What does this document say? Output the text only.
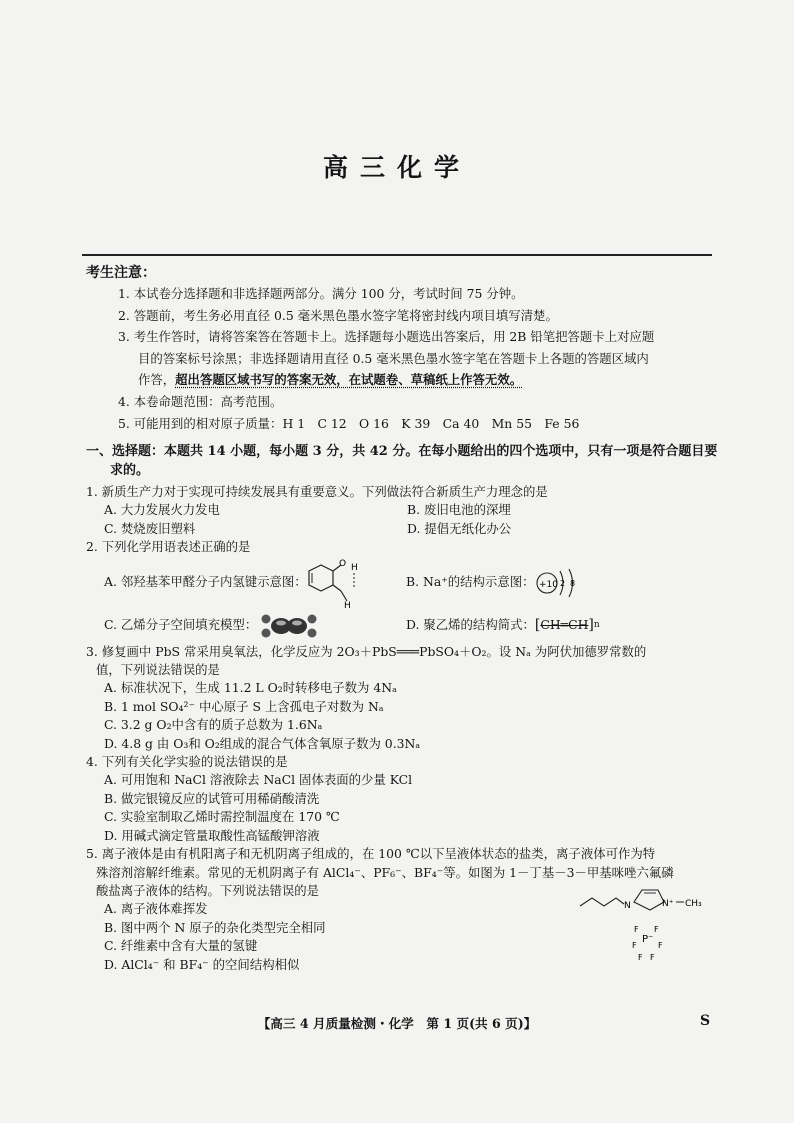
高三化学
考生注意：
1. 本试卷分选择题和非选择题两部分。满分 100 分，考试时间 75 分钟。
2. 答题前，考生务必用直径 0.5 毫米黑色墨水签字笔将密封线内项目填写清楚。
3. 考生作答时，请将答案答在答题卡上。选择题每小题选出答案后，用 2B 铅笔把答题卡上对应题
目的答案标号涂黑；非选择题请用直径 0.5 毫米黑色墨水签字笔在答题卡上各题的答题区域内
作答，超出答题区域书写的答案无效，在试题卷、草稿纸上作答无效。
4. 本卷命题范围：高考范围。
5. 可能用到的相对原子质量：H 1　C 12　O 16　K 39　Ca 40　Mn 55　Fe 56
一、选择题：本题共 14 小题，每小题 3 分，共 42 分。在每小题给出的四个选项中，只有一项是符合题目要
求的。
1. 新质生产力对于实现可持续发展具有重要意义。下列做法符合新质生产力理念的是
A. 大力发展火力发电	B. 废旧电池的深埋
C. 焚烧废旧塑料	D. 提倡无纸化办公
2. 下列化学用语表述正确的是
A. 邻羟基苯甲醛分子内氢键示意图：
O H
H
B. Na⁺的结构示意图： +10 2 8
C. 乙烯分子空间填充模型：	D. 聚乙烯的结构简式： [ CH═CH ] n
3. 修复画中 PbS 常采用臭氧法，化学反应为 2O₃＋PbS═══PbSO₄＋O₂。设 Nₐ 为阿伏加德罗常数的
值，下列说法错误的是
A. 标准状况下，生成 11.2 L O₂时转移电子数为 4Nₐ
B. 1 mol SO₄²⁻ 中心原子 S 上含孤电子对数为 Nₐ
C. 3.2 g O₂中含有的质子总数为 1.6Nₐ
D. 4.8 g 由 O₃和 O₂组成的混合气体含氧原子数为 0.3Nₐ
4. 下列有关化学实验的说法错误的是
A. 可用饱和 NaCl 溶液除去 NaCl 固体表面的少量 KCl
B. 做完银镜反应的试管可用稀硝酸清洗
C. 实验室制取乙烯时需控制温度在 170 ℃
D. 用碱式滴定管量取酸性高锰酸钾溶液
5. 离子液体是由有机阳离子和无机阴离子组成的，在 100 ℃以下呈液体状态的盐类，离子液体可作为特
殊溶剂溶解纤维素。常见的无机阴离子有 AlCl₄⁻、PF₆⁻、BF₄⁻等。如图为 1－丁基－3－甲基咪唑六氟磷
酸盐离子液体的结构。下列说法错误的是
A. 离子液体难挥发
B. 图中两个 N 原子的杂化类型完全相同
C. 纤维素中含有大量的氢键
D. AlCl₄⁻ 和 BF₄⁻ 的空间结构相似
N	N⁺ CH₃
P⁻
F F
F	F
F F
【高三 4 月质量检测・化学　第 1 页(共 6 页)】	S
